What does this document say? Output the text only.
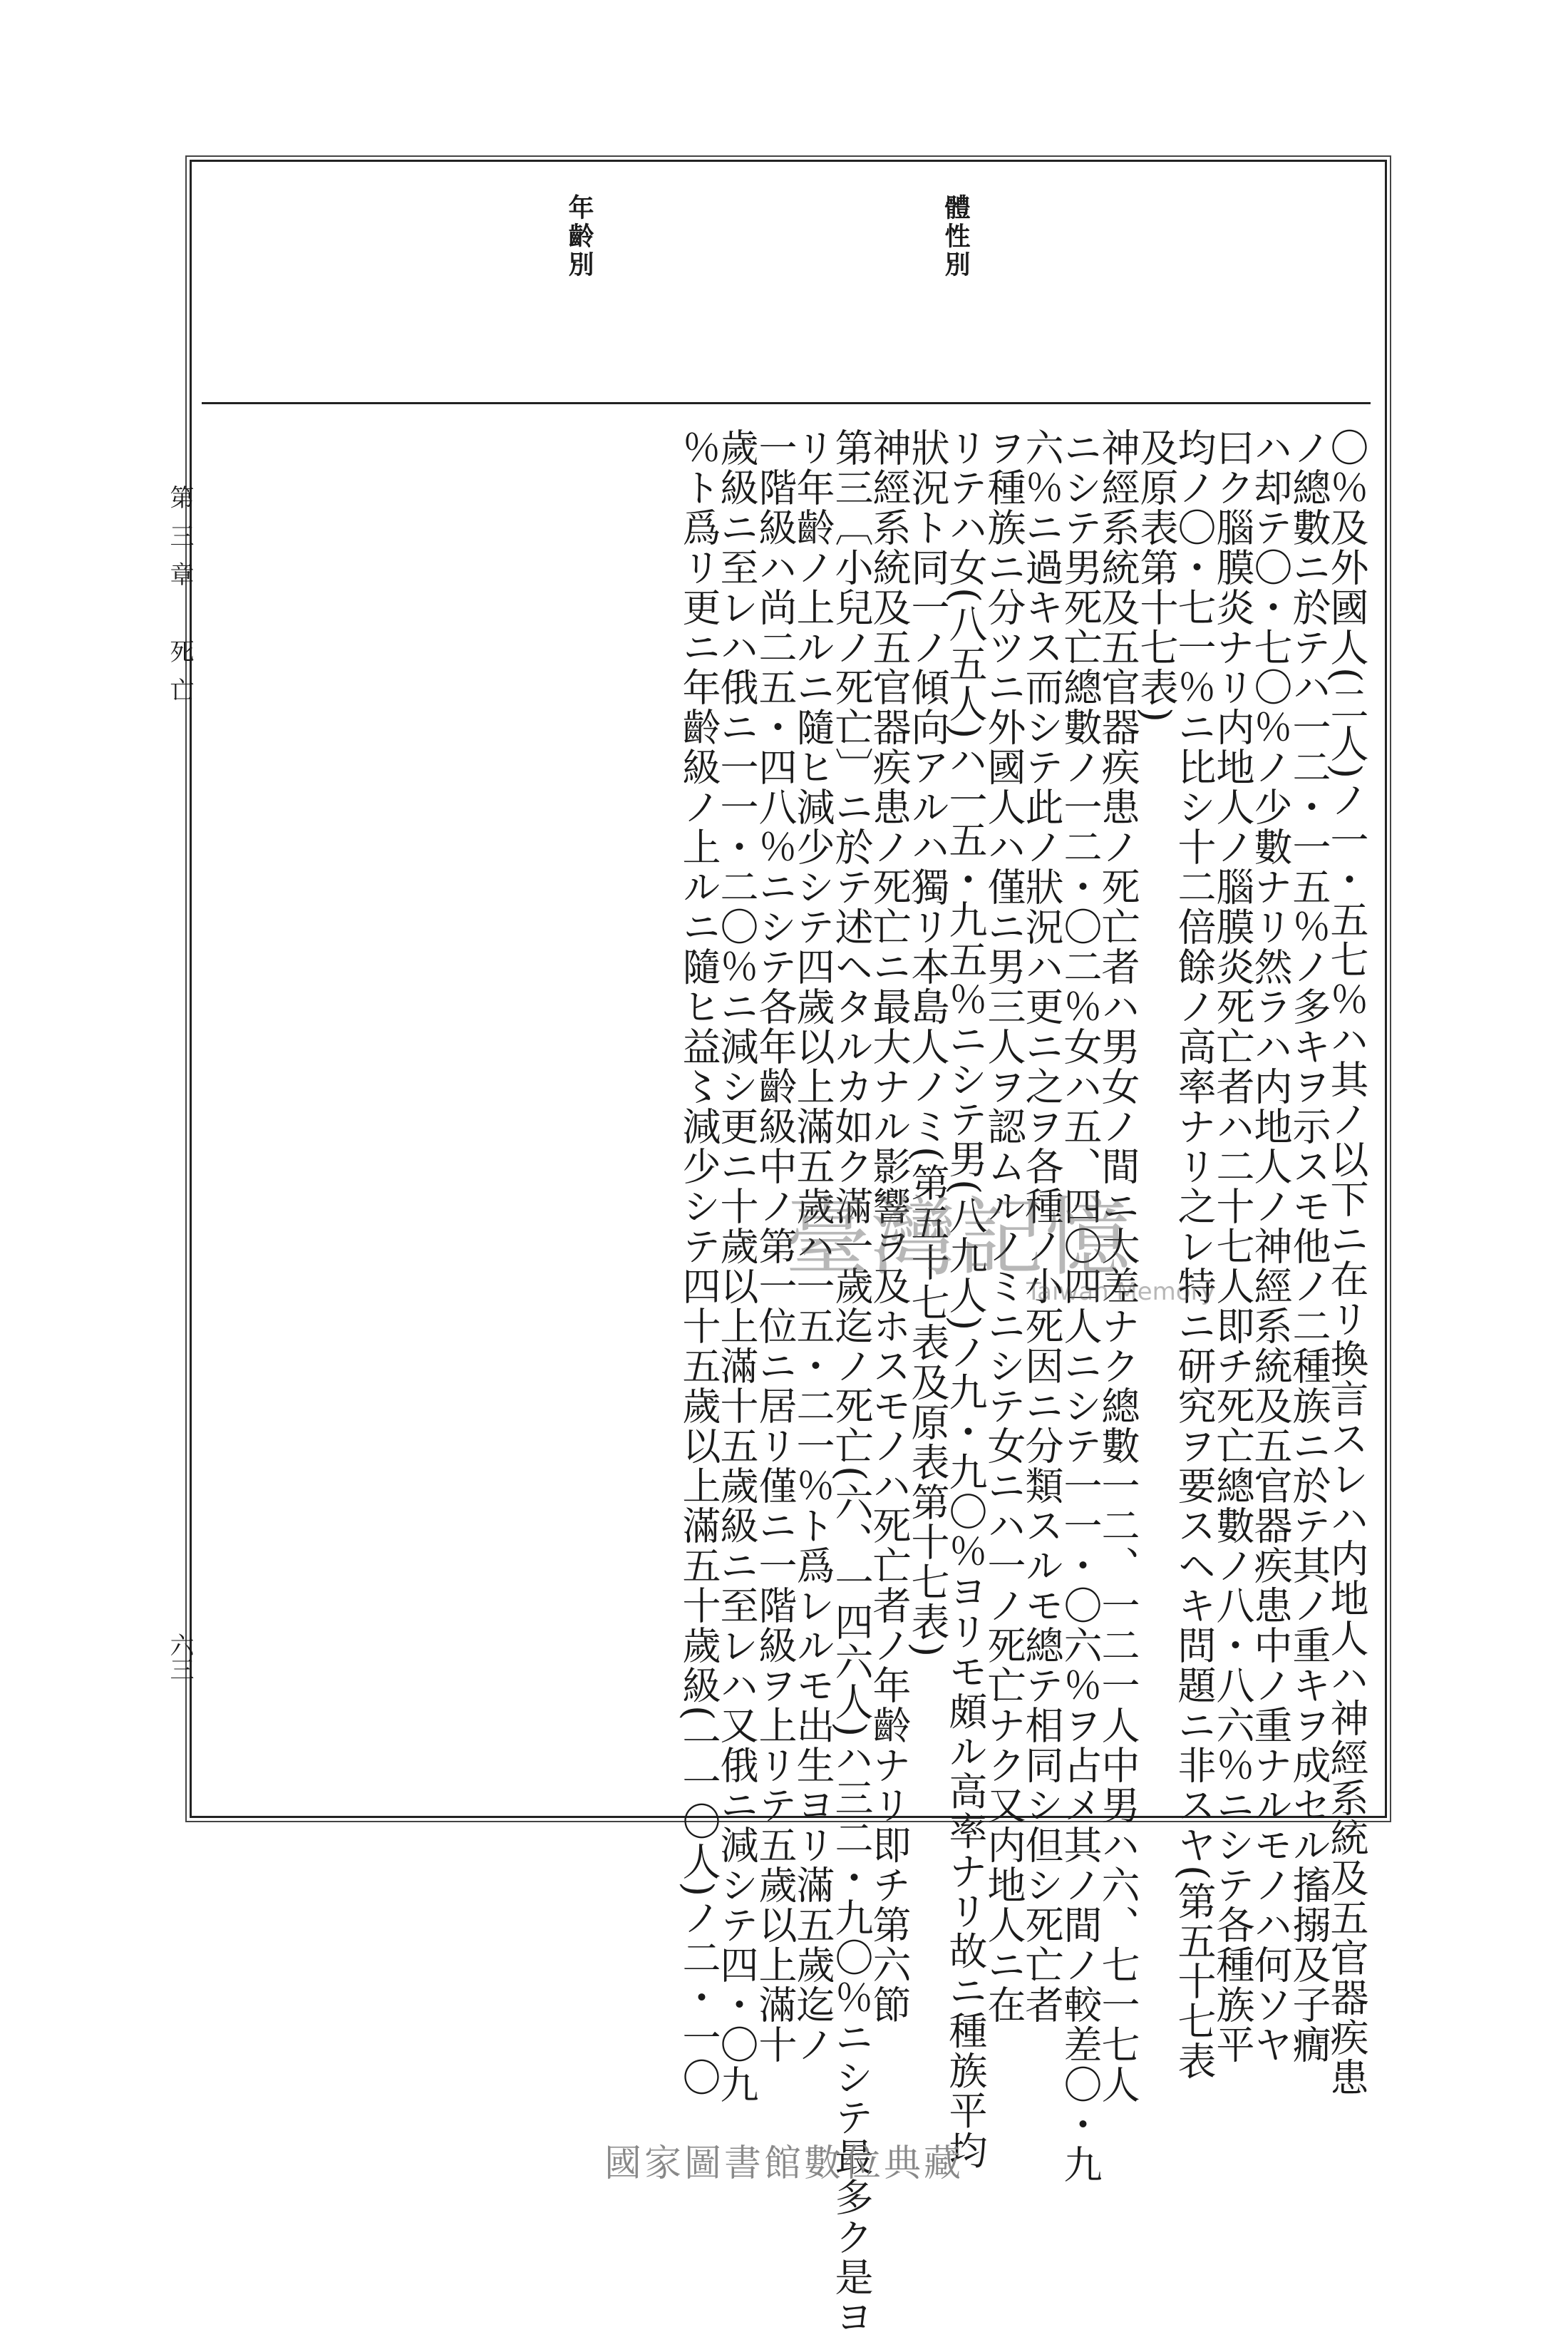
體性別
年齡別
〇％及外國人(二人)ノ一・五七％ハ其ノ以下ニ在リ換言スレハ内地人ハ神經系統及五官器疾患
ノ總數ニ於テハ一二・一五％ノ多キヲ示スモ他ノ二種族ニ於テ其ノ重キヲ成セル搐搦及子癇
ハ却テ〇・七〇％ノ少數ナリ然ラハ内地人ノ神經系統及五官器疾患中ノ重ナルモノハ何ソヤ
曰ク腦膜炎ナリ内地人ノ腦膜炎死亡者ハ二十七人即チ死亡總數ノ八・八六％ニシテ各種族平
均ノ〇・七一％ニ比シ十二倍餘ノ高率ナリ之レ特ニ研究ヲ要スヘキ問題ニ非スヤ(第五十七表
及原表第十七表)
神經系統及五官器疾患ノ死亡者ハ男女ノ間ニ大差ナク總數一二、一二一人中男ハ六、七一七人
ニシテ男死亡總數ノ一二・〇二％女ハ五、四〇四人ニシテ一一・〇六％ヲ占メ其ノ間ノ較差〇・九
六％ニ過キス而シテ此ノ狀況ハ更ニ之ヲ各種ノ小死因ニ分類スルモ總テ相同シ但シ死亡者
ヲ種族ニ分ツニ外國人ハ僅ニ男三人ヲ認ムルノミニシテ女ニハ一ノ死亡ナク又内地人ニ在
リテハ女(八五人)ハ一五・九五％ニシテ男(八九人)ノ九・九〇％ヨリモ頗ル高率ナリ故ニ種族平均
狀況ト同一ノ傾向アルハ獨リ本島人ノミ(第五十七表及原表第十七表)
神經系統及五官器疾患ノ死亡ニ最大ナル影響ヲ及ホスモノハ死亡者ノ年齡ナリ即チ第六節
第三〔小兒ノ死亡〕ニ於テ述ヘタルカ如ク滿一歲迄ノ死亡(六、一四六人)ハ三二・九〇％ニシテ最多ク是ヨ
リ年齡ノ上ルニ隨ヒ減少シテ四歲以上滿五歲ハ一五・二一％ト爲レルモ出生ヨリ滿五歲迄ノ
一階級ハ尚二五・四八％ニシテ各年齡級中ノ第一位ニ居リ僅ニ一階級ヲ上リテ五歲以上滿十
歲級ニ至レハ俄ニ一一・二〇％ニ減シ更ニ十歲以上滿十五歲級ニ至レハ又俄ニ減シテ四・〇九
％ト爲リ更ニ年齡級ノ上ルニ隨ヒ益〻減少シテ四十五歲以上滿五十歲級(一一〇人)ノ二・一〇
第三章　死亡
六三
臺灣記憶
Taiwan Memory
國家圖書館數位典藏
